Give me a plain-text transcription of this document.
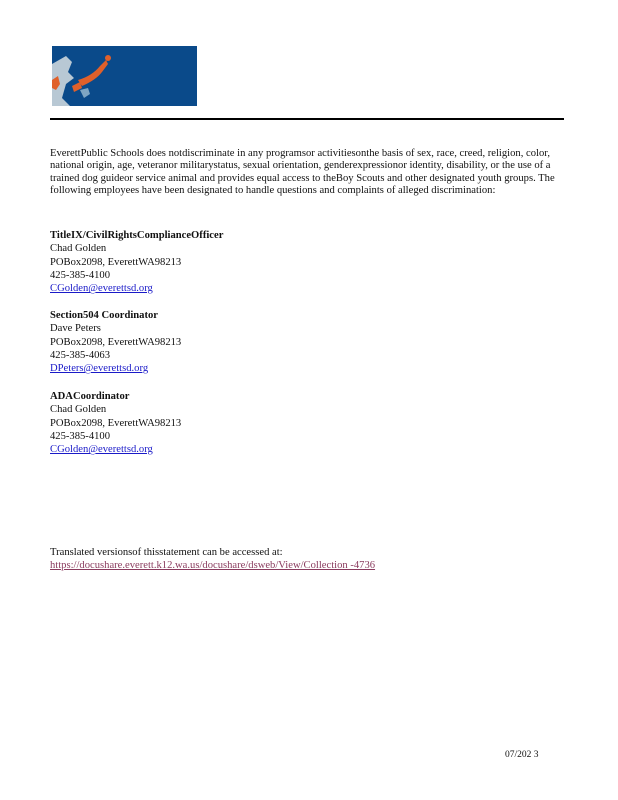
EverettPublic Schools does notdiscriminate in any programsor activitiesonthe basis of sex, race, creed, religion, color, national origin, age, veteranor militarystatus, sexual orientation, genderexpressionor identity, disability, or the use of a trained dog guideor service animal and provides equal access to theBoy Scouts and other designated youth groups. The following employees have been designated to handle questions and complaints of alleged discrimination:

TitleIX/CivilRightsComplianceOfficer
Chad Golden
POBox2098, EverettWA98213
425-385-4100
CGolden@everettsd.org
Section504 Coordinator
Dave Peters
POBox2098, EverettWA98213
425-385-4063
DPeters@everettsd.org
ADACoordinator
Chad Golden
POBox2098, EverettWA98213
425-385-4100
CGolden@everettsd.org
Translated versionsof thisstatement can be accessed at:
https://docushare.everett.k12.wa.us/docushare/dsweb/View/Collection -4736
07/202 3
